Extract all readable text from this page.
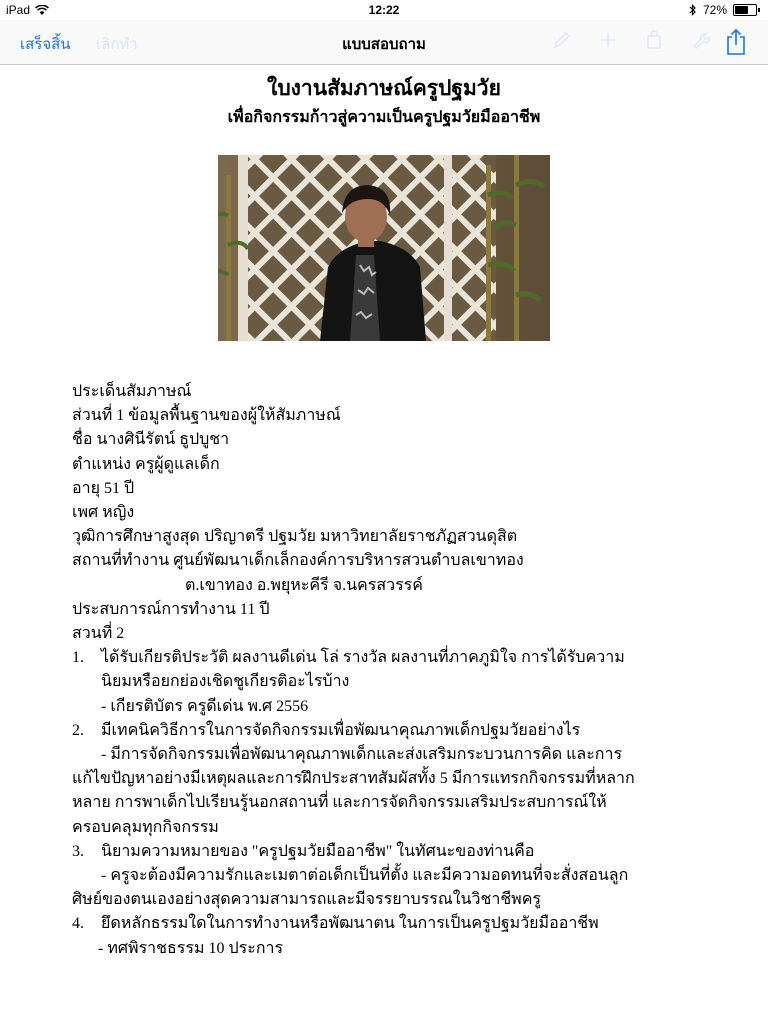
iPad	12:22	72%
เสร็จสิ้น เลิกทำ	แบบสอบถาม
ใบงานสัมภาษณ์ครูปฐมวัย
เพื่อกิจกรรมก้าวสู่ความเป็นครูปฐมวัยมืออาชีพ
ประเด็นสัมภาษณ์
ส่วนที่ 1 ข้อมูลพื้นฐานของผู้ให้สัมภาษณ์
ชื่อ นางศินีรัตน์ ธูปบูชา
ตำแหน่ง ครูผู้ดูแลเด็ก
อายุ 51 ปี
เพศ หญิง
วุฒิการศึกษาสูงสุด ปริญาตรี ปฐมวัย มหาวิทยาลัยราชภัฏสวนดุสิต
สถานที่ทำงาน ศูนย์พัฒนาเด็กเล็กองค์การบริหารสวนตำบลเขาทอง
ต.เขาทอง อ.พยุหะคีรี จ.นครสวรรค์
ประสบการณ์การทำงาน 11 ปี
สวนที่ 2
1. ได้รับเกียรติประวัติ ผลงานดีเด่น โล่ รางวัล ผลงานที่ภาคภูมิใจ การได้รับความ
นิยมหรือยกย่องเชิดชูเกียรติอะไรบ้าง
- เกียรติบัตร ครูดีเด่น พ.ศ 2556
2. มีเทคนิควิธีการในการจัดกิจกรรมเพื่อพัฒนาคุณภาพเด็กปฐมวัยอย่างไร
- มีการจัดกิจกรรมเพื่อพัฒนาคุณภาพเด็กและส่งเสริมกระบวนการคิด และการ
แก้ไขปัญหาอย่างมีเหตุผลและการฝึกประสาทสัมผัสทั้ง 5 มีการแทรกกิจกรรมที่หลาก
หลาย การพาเด็กไปเรียนรู้นอกสถานที่ และการจัดกิจกรรมเสริมประสบการณ์ให้
ครอบคลุมทุกกิจกรรม
3. นิยามความหมายของ "ครูปฐมวัยมืออาชีพ" ในทัศนะของท่านคือ
- ครูจะต้องมีความรักและเมตาต่อเด็กเป็นที่ตั้ง และมีความอดทนที่จะสั่งสอนลูก
ศิษย์ของตนเองอย่างสุดความสามารถและมีจรรยาบรรณในวิชาชีพครู
4. ยึดหลักธรรมใดในการทำงานหรือพัฒนาตน ในการเป็นครูปฐมวัยมืออาชีพ
- ทศพิราชธรรม 10 ประการ
